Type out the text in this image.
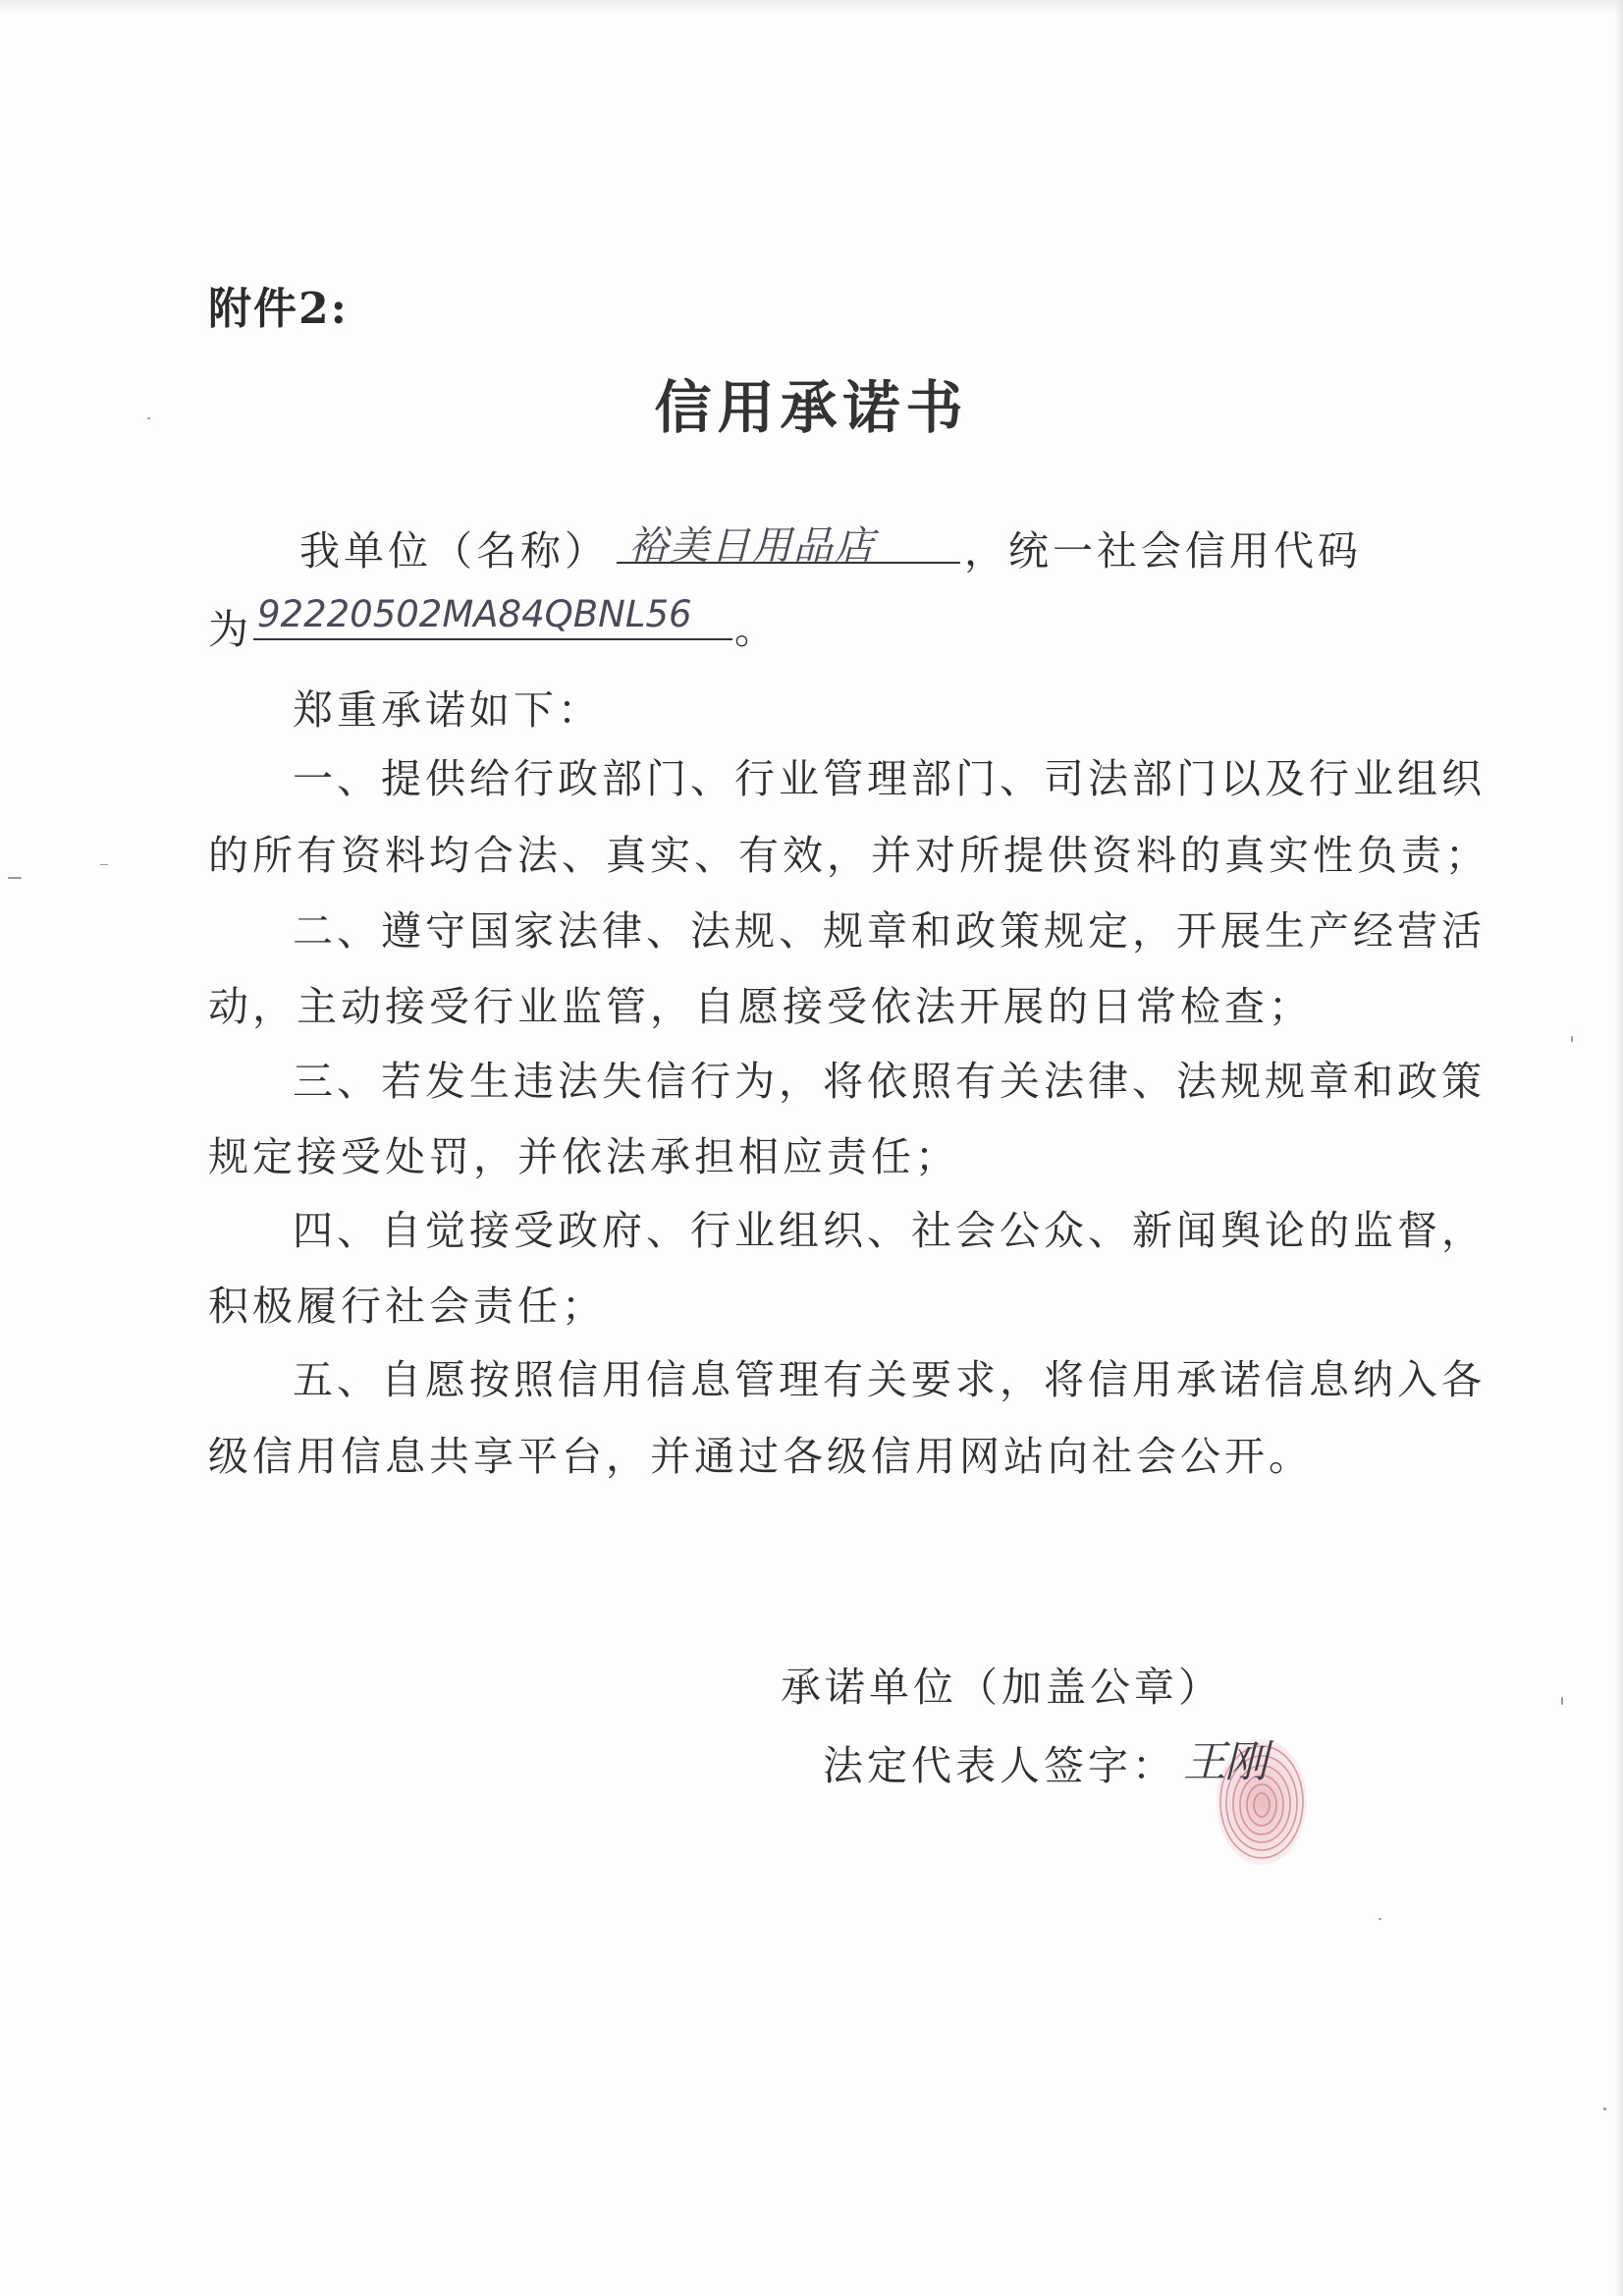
附件2:
信用承诺书
我单位（名称） 裕美日用品店 ，统一社会信用代码
为 92220502MA84QBNL56 。
郑重承诺如下：
一、提供给行政部门、行业管理部门、司法部门以及行业组织
的所有资料均合法、真实、有效，并对所提供资料的真实性负责；
二、遵守国家法律、法规、规章和政策规定，开展生产经营活
动，主动接受行业监管，自愿接受依法开展的日常检查；
三、若发生违法失信行为，将依照有关法律、法规规章和政策
规定接受处罚，并依法承担相应责任；
四、自觉接受政府、行业组织、社会公众、新闻舆论的监督，
积极履行社会责任；
五、自愿按照信用信息管理有关要求，将信用承诺信息纳入各
级信用信息共享平台，并通过各级信用网站向社会公开。
承诺单位（加盖公章）
法定代表人签字： 王刚
